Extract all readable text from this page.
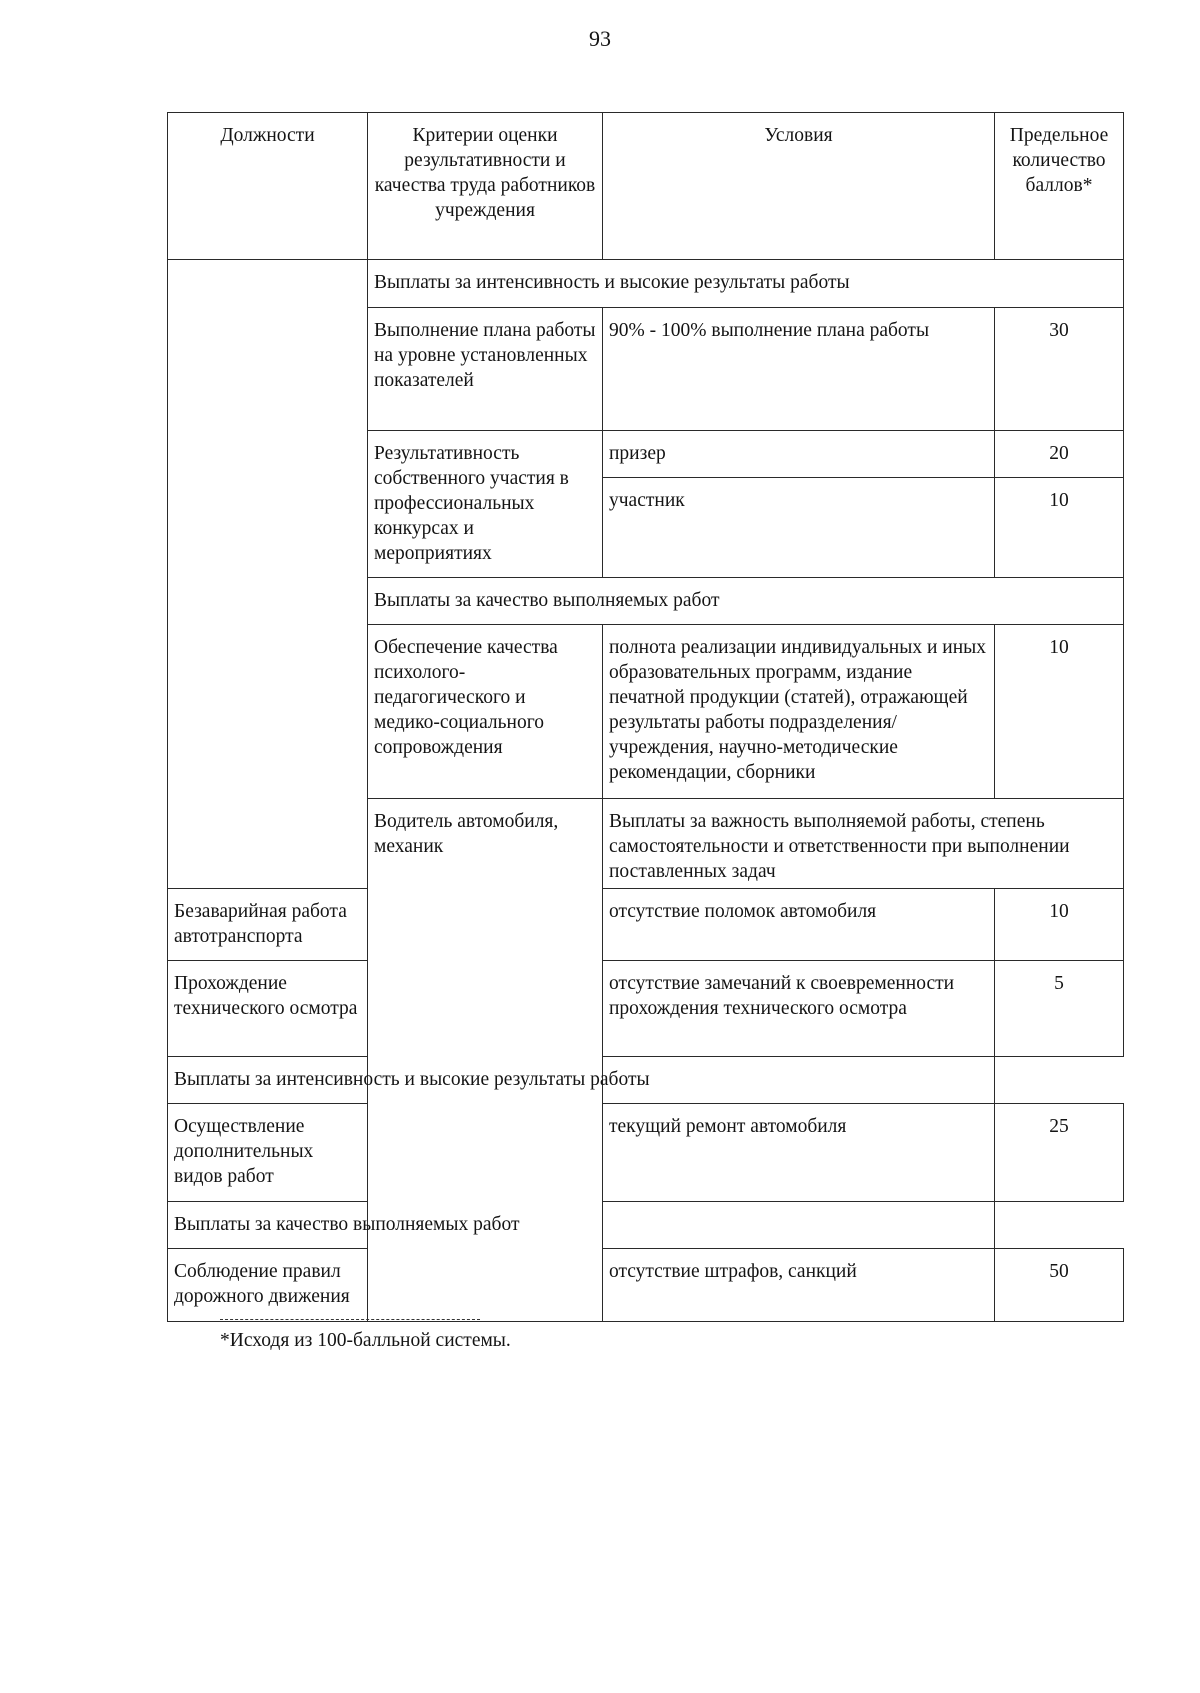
93
Должности	Критерии оценки результативности и качества труда работников учреждения	Условия	Предельное количество баллов*
	Выплаты за интенсивность и высокие результаты работы		
	Выполнение плана работы на уровне установленных показателей	90% - 100% выполнение плана работы	30
	Результативность собственного участия в профессиональных конкурсах и мероприятиях	призер	20
		участник	10
	Выплаты за качество выполняемых работ		
	Обеспечение качества психолого-педагогического и медико-социального сопровождения	полнота реализации индивидуальных и иных образовательных программ, издание печатной продукции (статей), отражающей результаты работы подразделения/учреждения, научно-методические рекомендации, сборники	10
	Водитель автомобиля, механик	Выплаты за важность выполняемой работы, степень самостоятельности и ответственности при выполнении поставленных задач	
Безаварийная работа автотранспорта		отсутствие поломок автомобиля	10
Прохождение технического осмотра		отсутствие замечаний к своевременности прохождения технического осмотра	5
Выплаты за интенсивность и высокие результаты работы			
Осуществление дополнительных видов работ		текущий ремонт автомобиля	25
Выплаты за качество выполняемых работ			
Соблюдение правил дорожного движения		отсутствие штрафов, санкций	50
*Исходя из 100-балльной системы.
